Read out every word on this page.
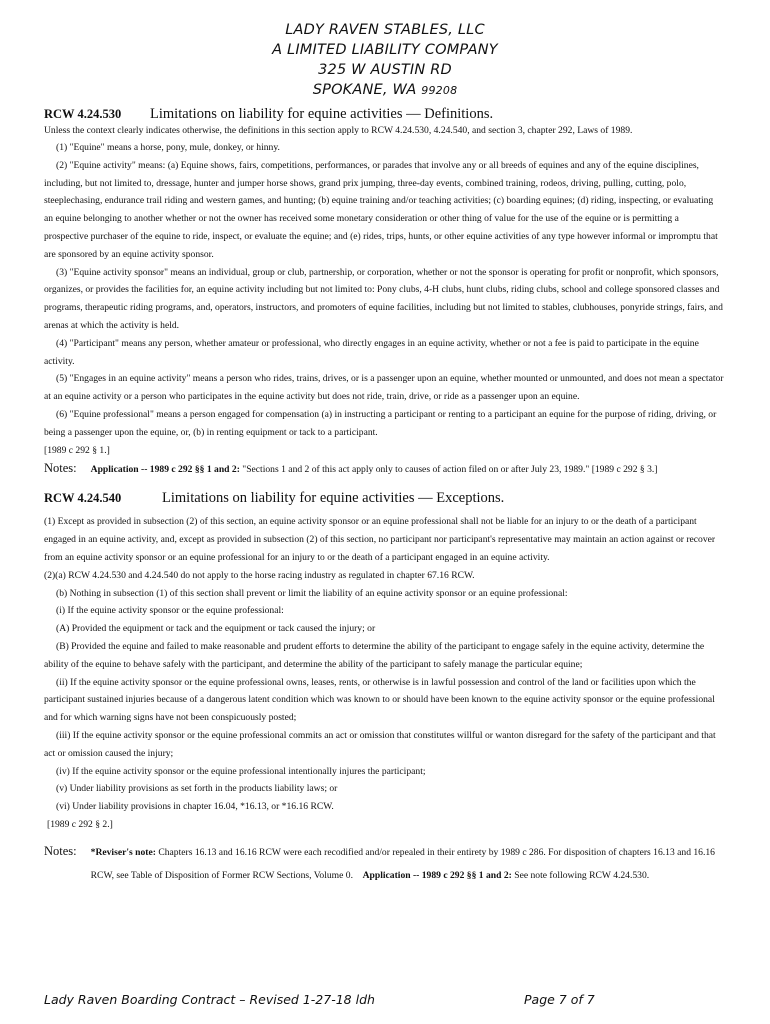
LADY RAVEN STABLES, LLC
A LIMITED LIABILITY COMPANY
325 W AUSTIN RD
SPOKANE, WA 99208
RCW 4.24.530	Limitations on liability for equine activities — Definitions.

Unless the context clearly indicates otherwise, the definitions in this section apply to RCW 4.24.530, 4.24.540, and section 3, chapter 292, Laws of 1989.

(1) "Equine" means a horse, pony, mule, donkey, or hinny.

(2) "Equine activity" means: (a) Equine shows, fairs, competitions, performances, or parades that involve any or all breeds of equines and any of the equine disciplines, including, but not limited to, dressage, hunter and jumper horse shows, grand prix jumping, three-day events, combined training, rodeos, driving, pulling, cutting, polo, steeplechasing, endurance trail riding and western games, and hunting; (b) equine training and/or teaching activities; (c) boarding equines; (d) riding, inspecting, or evaluating an equine belonging to another whether or not the owner has received some monetary consideration or other thing of value for the use of the equine or is permitting a prospective purchaser of the equine to ride, inspect, or evaluate the equine; and (e) rides, trips, hunts, or other equine activities of any type however informal or impromptu that are sponsored by an equine activity sponsor.

(3) "Equine activity sponsor" means an individual, group or club, partnership, or corporation, whether or not the sponsor is operating for profit or nonprofit, which sponsors, organizes, or provides the facilities for, an equine activity including but not limited to: Pony clubs, 4-H clubs, hunt clubs, riding clubs, school and college sponsored classes and programs, therapeutic riding programs, and, operators, instructors, and promoters of equine facilities, including but not limited to stables, clubhouses, ponyride strings, fairs, and arenas at which the activity is held.

(4) "Participant" means any person, whether amateur or professional, who directly engages in an equine activity, whether or not a fee is paid to participate in the equine activity.

(5) "Engages in an equine activity" means a person who rides, trains, drives, or is a passenger upon an equine, whether mounted or unmounted, and does not mean a spectator at an equine activity or a person who participates in the equine activity but does not ride, train, drive, or ride as a passenger upon an equine.

(6) "Equine professional" means a person engaged for compensation (a) in instructing a participant or renting to a participant an equine for the purpose of riding, driving, or being a passenger upon the equine, or, (b) in renting equipment or tack to a participant.

[1989 c 292 § 1.]

Notes: Application -- 1989 c 292 §§ 1 and 2: "Sections 1 and 2 of this act apply only to causes of action filed on or after July 23, 1989." [1989 c 292 § 3.]
RCW 4.24.540	Limitations on liability for equine activities — Exceptions.

(1) Except as provided in subsection (2) of this section, an equine activity sponsor or an equine professional shall not be liable for an injury to or the death of a participant engaged in an equine activity, and, except as provided in subsection (2) of this section, no participant nor participant's representative may maintain an action against or recover from an equine activity sponsor or an equine professional for an injury to or the death of a participant engaged in an equine activity.

(2)(a) RCW 4.24.530 and 4.24.540 do not apply to the horse racing industry as regulated in chapter 67.16 RCW.

(b) Nothing in subsection (1) of this section shall prevent or limit the liability of an equine activity sponsor or an equine professional:

(i) If the equine activity sponsor or the equine professional:

(A) Provided the equipment or tack and the equipment or tack caused the injury; or

(B) Provided the equine and failed to make reasonable and prudent efforts to determine the ability of the participant to engage safely in the equine activity, determine the ability of the equine to behave safely with the participant, and determine the ability of the participant to safely manage the particular equine;

(ii) If the equine activity sponsor or the equine professional owns, leases, rents, or otherwise is in lawful possession and control of the land or facilities upon which the participant sustained injuries because of a dangerous latent condition which was known to or should have been known to the equine activity sponsor or the equine professional and for which warning signs have not been conspicuously posted;

(iii) If the equine activity sponsor or the equine professional commits an act or omission that constitutes willful or wanton disregard for the safety of the participant and that act or omission caused the injury;

(iv) If the equine activity sponsor or the equine professional intentionally injures the participant;

(v) Under liability provisions as set forth in the products liability laws; or

(vi) Under liability provisions in chapter 16.04, *16.13, or *16.16 RCW.

[1989 c 292 § 2.]

Notes: *Reviser's note: Chapters 16.13 and 16.16 RCW were each recodified and/or repealed in their entirety by 1989 c 286. For disposition of chapters 16.13 and 16.16 RCW, see Table of Disposition of Former RCW Sections, Volume 0. Application -- 1989 c 292 §§ 1 and 2: See note following RCW 4.24.530.
Lady Raven Boarding Contract – Revised 1-27-18 ldh	Page 7 of 7
